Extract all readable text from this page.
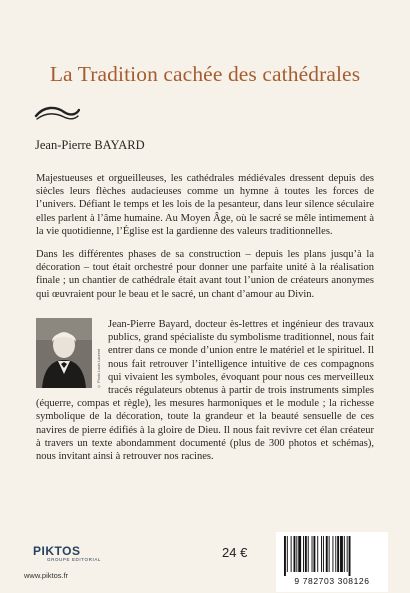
La Tradition cachée des cathédrales
Jean-Pierre BAYARD

Majestueuses et orgueilleuses, les cathédrales médiévales dressent depuis des siècles leurs flèches audacieuses comme un hymne à toutes les forces de l’univers. Défiant le temps et les lois de la pesanteur, dans leur silence séculaire elles parlent à l’âme humaine. Au Moyen Âge, où le sacré se mêle intimement à la vie quotidienne, l’Église est la gardienne des valeurs traditionnelles.

Dans les différentes phases de sa construction – depuis les plans jusqu’à la décoration – tout était orchestré pour donner une parfaite unité à la réalisation finale ; un chantier de cathédrale était avant tout l’union de créateurs anonymes qui œuvraient pour le beau et le sacré, un chant d’amour au Divin.

© Photo Louis Laurent
Jean-Pierre Bayard, docteur ès-lettres et ingénieur des travaux publics, grand spécialiste du symbolisme traditionnel, nous fait entrer dans ce monde d’union entre le matériel et le spirituel. Il nous fait retrouver l’intelligence intuitive de ces compagnons qui vivaient les symboles, évoquant pour nous ces merveilleux tracés régulateurs obtenus à partir de trois instruments simples (équerre, compas et règle), les mesures harmoniques et le module ; la richesse symbolique de la décoration, toute la grandeur et la beauté sensuelle de ces navires de pierre édifiés à la gloire de Dieu. Il nous fait revivre cet élan créateur à travers un texte abondamment documenté (plus de 300 photos et schémas), nous invitant ainsi à retrouver nos racines.
PIKTOS
GROUPE EDITORIAL
www.piktos.fr
24 €
9 782703 308126
